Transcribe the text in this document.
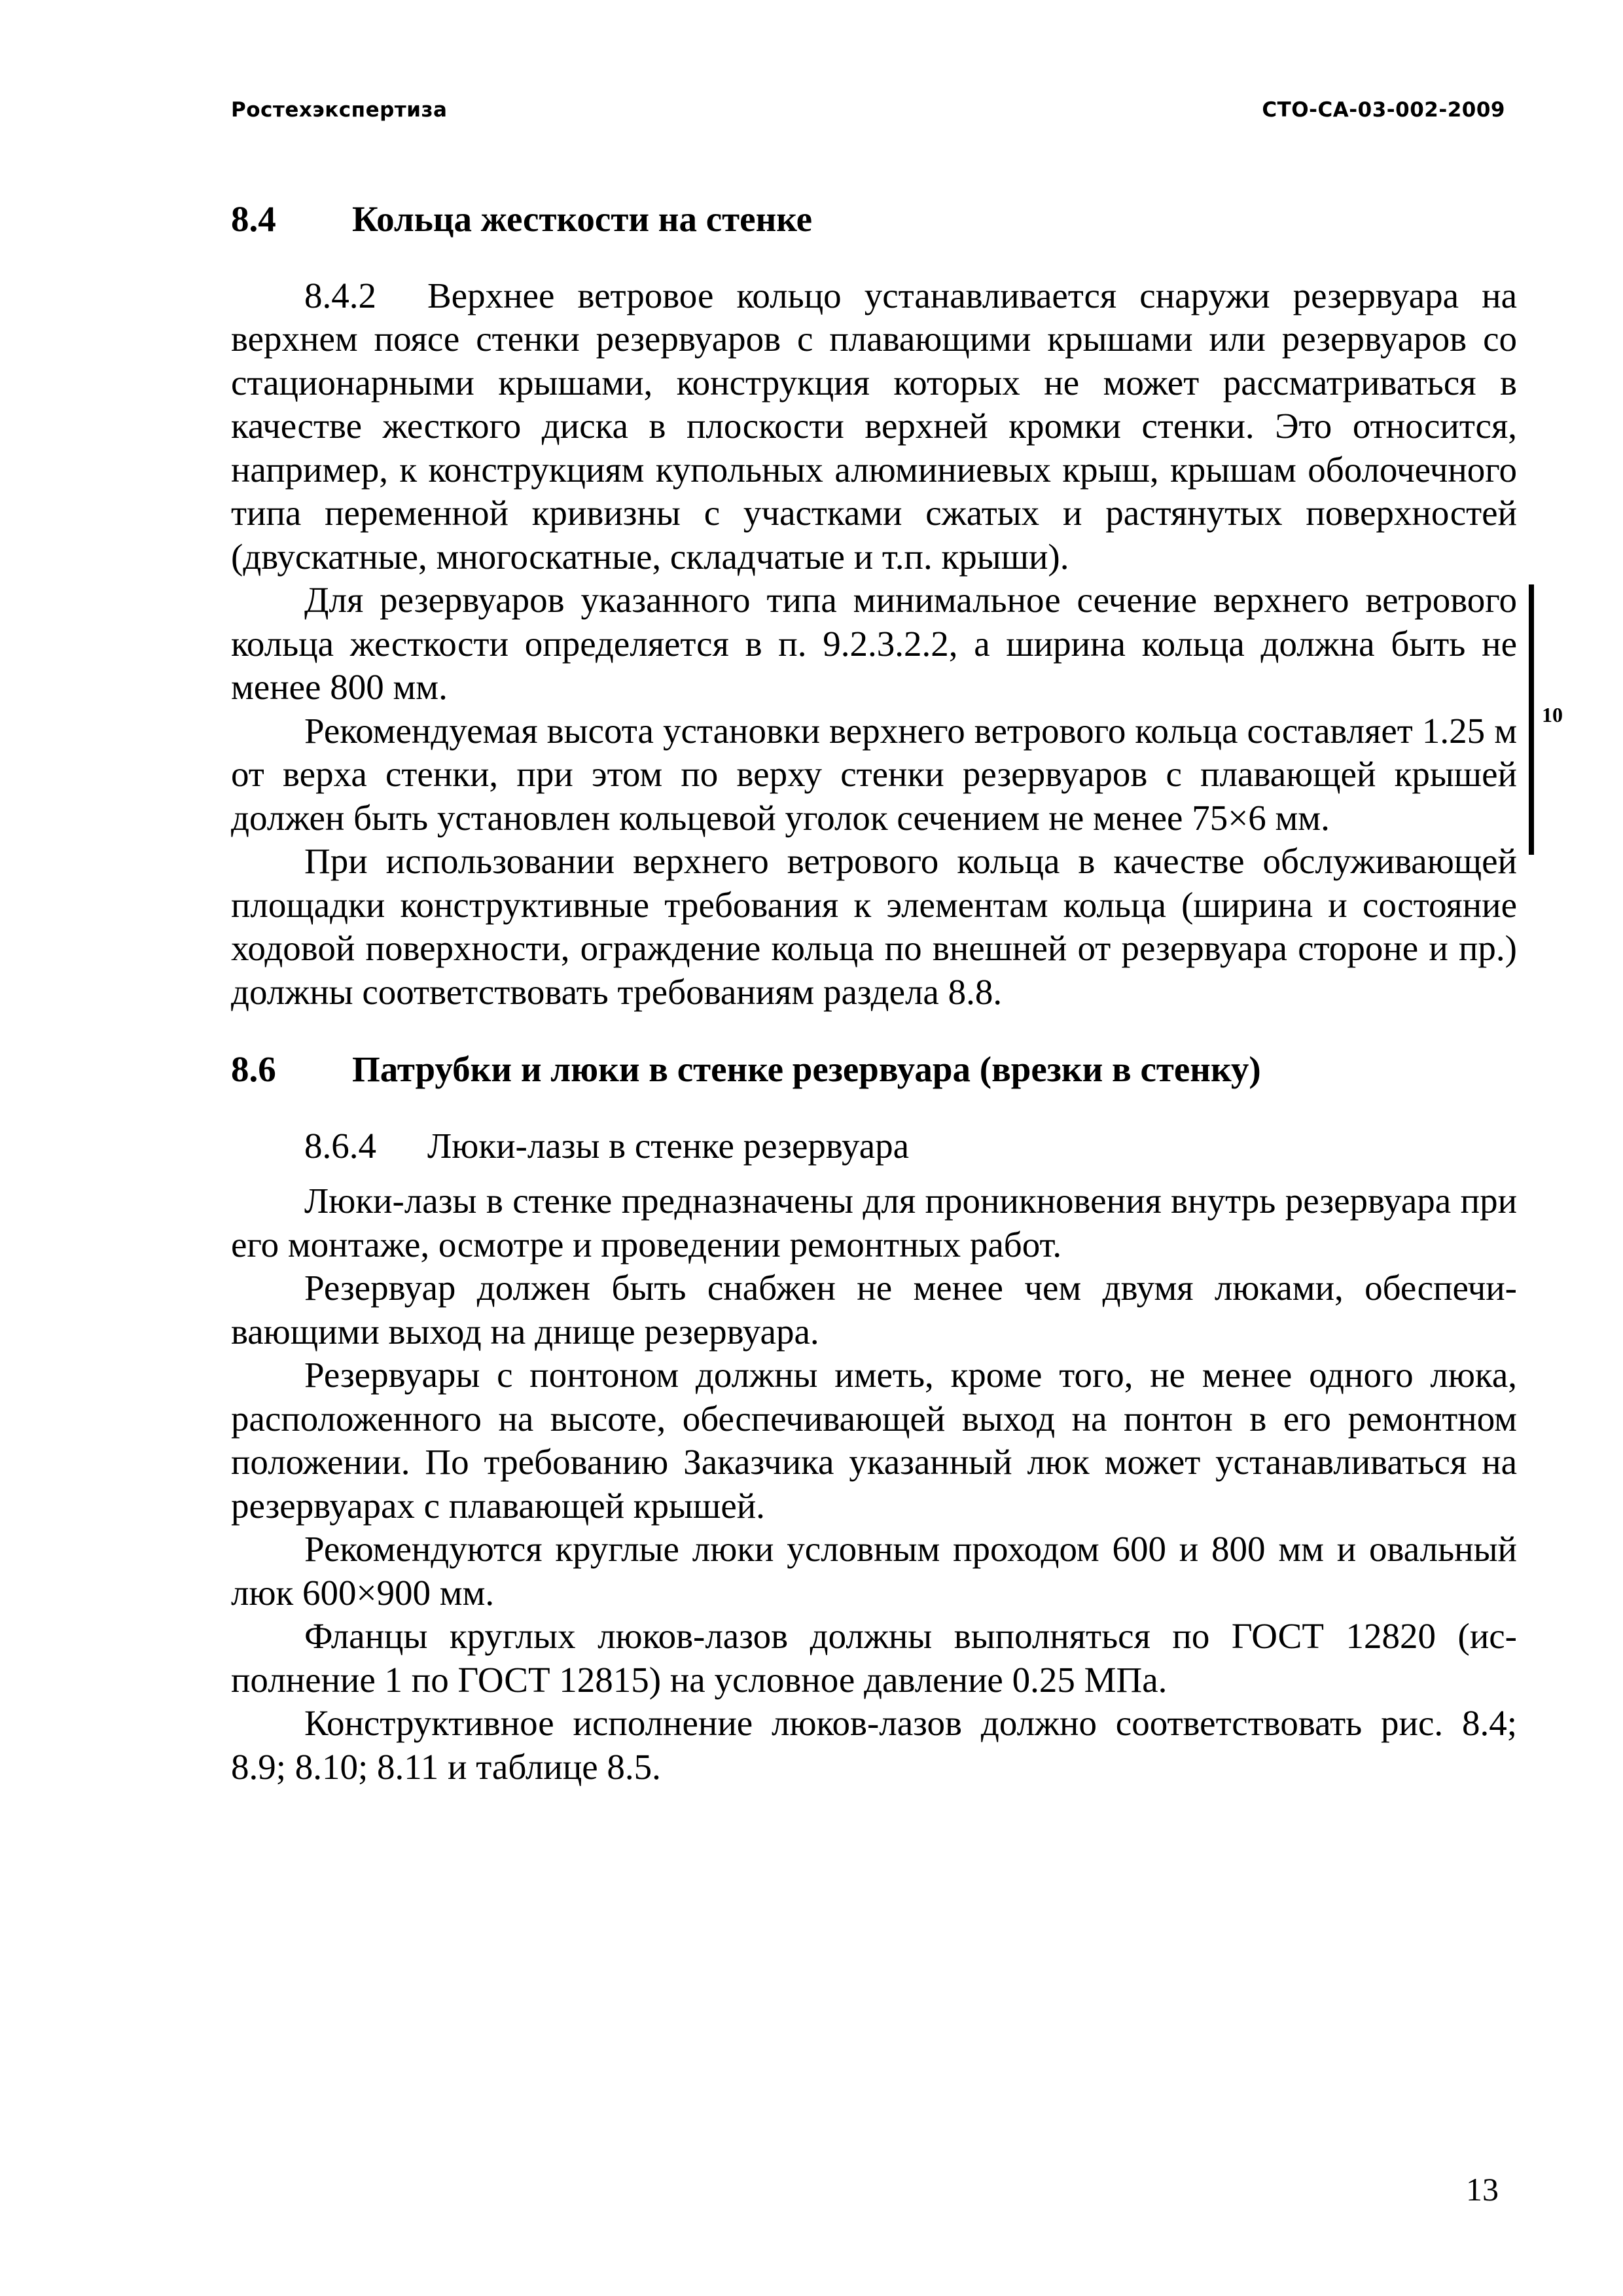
Ростехэкспертиза	СТО-СА-03-002-2009
8.4	Кольца жесткости на стенке

8.4.2 Верхнее ветровое кольцо устанавливается снаружи резервуара на верхнем поясе стенки резервуаров с плавающими крышами или резервуаров со стационарными крышами, конструкция которых не может рассматриваться в качестве жесткого диска в плоскости верхней кромки стенки. Это относится, например, к конструкциям купольных алюминиевых крыш, крышам оболочечного типа переменной кривизны с участками сжатых и растянутых поверхностей (двускатные, многоскатные, складчатые и т.п. крыши).

Для резервуаров указанного типа минимальное сечение верхнего ветрового кольца жесткости определяется в п. 9.2.3.2.2, а ширина кольца должна быть не менее 800 мм.

Рекомендуемая высота установки верхнего ветрового кольца составляет 1.25 м от верха стенки, при этом по верху стенки резервуаров с плавающей крышей должен быть установлен кольцевой уголок сечением не менее 75×6 мм.

При использовании верхнего ветрового кольца в качестве обслуживающей площадки конструктивные требования к элементам кольца (ширина и состояние ходовой поверхности, ограждение кольца по внешней от резервуара стороне и пр.) должны соответствовать требованиям раздела 8.8.

8.6	Патрубки и люки в стенке резервуара (врезки в стенку)

8.6.4 Люки-лазы в стенке резервуара

Люки-лазы в стенке предназначены для проникновения внутрь резервуара при его монтаже, осмотре и проведении ремонтных работ.

Резервуар должен быть снабжен не менее чем двумя люками, обеспечивающими выход на днище резервуара.

Резервуары с понтоном должны иметь, кроме того, не менее одного люка, расположенного на высоте, обеспечивающей выход на понтон в его ремонтном положении. По требованию Заказчика указанный люк может устанавливаться на резервуарах с плавающей крышей.

Рекомендуются круглые люки условным проходом 600 и 800 мм и овальный люк 600×900 мм.

Фланцы круглых люков-лазов должны выполняться по ГОСТ 12820 (исполнение 1 по ГОСТ 12815) на условное давление 0.25 МПа.

Конструктивное исполнение люков-лазов должно соответствовать рис. 8.4; 8.9; 8.10; 8.11 и таблице 8.5.

10
13
